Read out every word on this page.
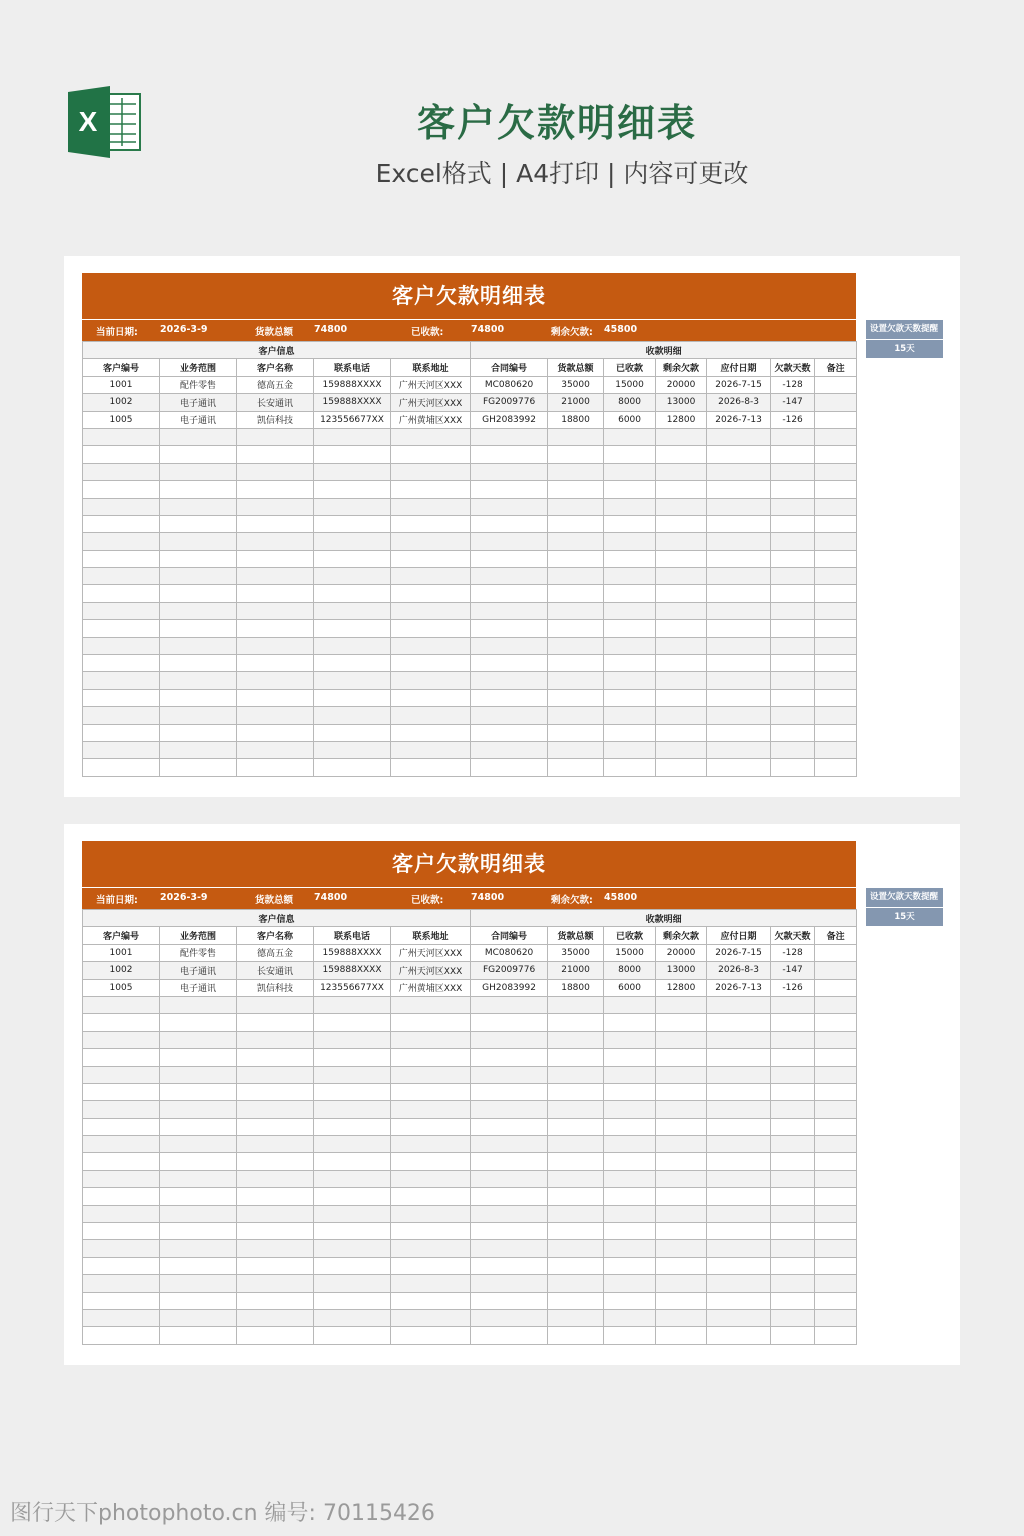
X	客户欠款明细表
Excel格式 | A4打印 | 内容可更改
客户欠款明细表
当前日期: 2026-3-9	货款总额 74800	已收款:	74800	剩余欠款: 45800
客户信息					收款明细						
客户编号	业务范围	客户名称	联系电话	联系地址	合同编号	货款总额	已收款	剩余欠款	应付日期	欠款天数	备注
1001	配件零售	德高五金	159888XXXX	广州天河区XXX	MC080620	35000	15000	20000	2026-7-15	-128	
1002	电子通讯	长安通讯	159888XXXX	广州天河区XXX	FG2009776	21000	8000	13000	2026-8-3	-147	
1005	电子通讯	凯信科技	123556677XX	广州黄埔区XXX	GH2083992	18800	6000	12800	2026-7-13	-126	

设置欠款天数提醒
15天
客户欠款明细表
当前日期: 2026-3-9	货款总额 74800	已收款:	74800	剩余欠款: 45800
客户信息					收款明细						
客户编号	业务范围	客户名称	联系电话	联系地址	合同编号	货款总额	已收款	剩余欠款	应付日期	欠款天数	备注
1001	配件零售	德高五金	159888XXXX	广州天河区XXX	MC080620	35000	15000	20000	2026-7-15	-128	
1002	电子通讯	长安通讯	159888XXXX	广州天河区XXX	FG2009776	21000	8000	13000	2026-8-3	-147	
1005	电子通讯	凯信科技	123556677XX	广州黄埔区XXX	GH2083992	18800	6000	12800	2026-7-13	-126	

设置欠款天数提醒
15天
图行天下photophoto.cn 编号: 70115426
